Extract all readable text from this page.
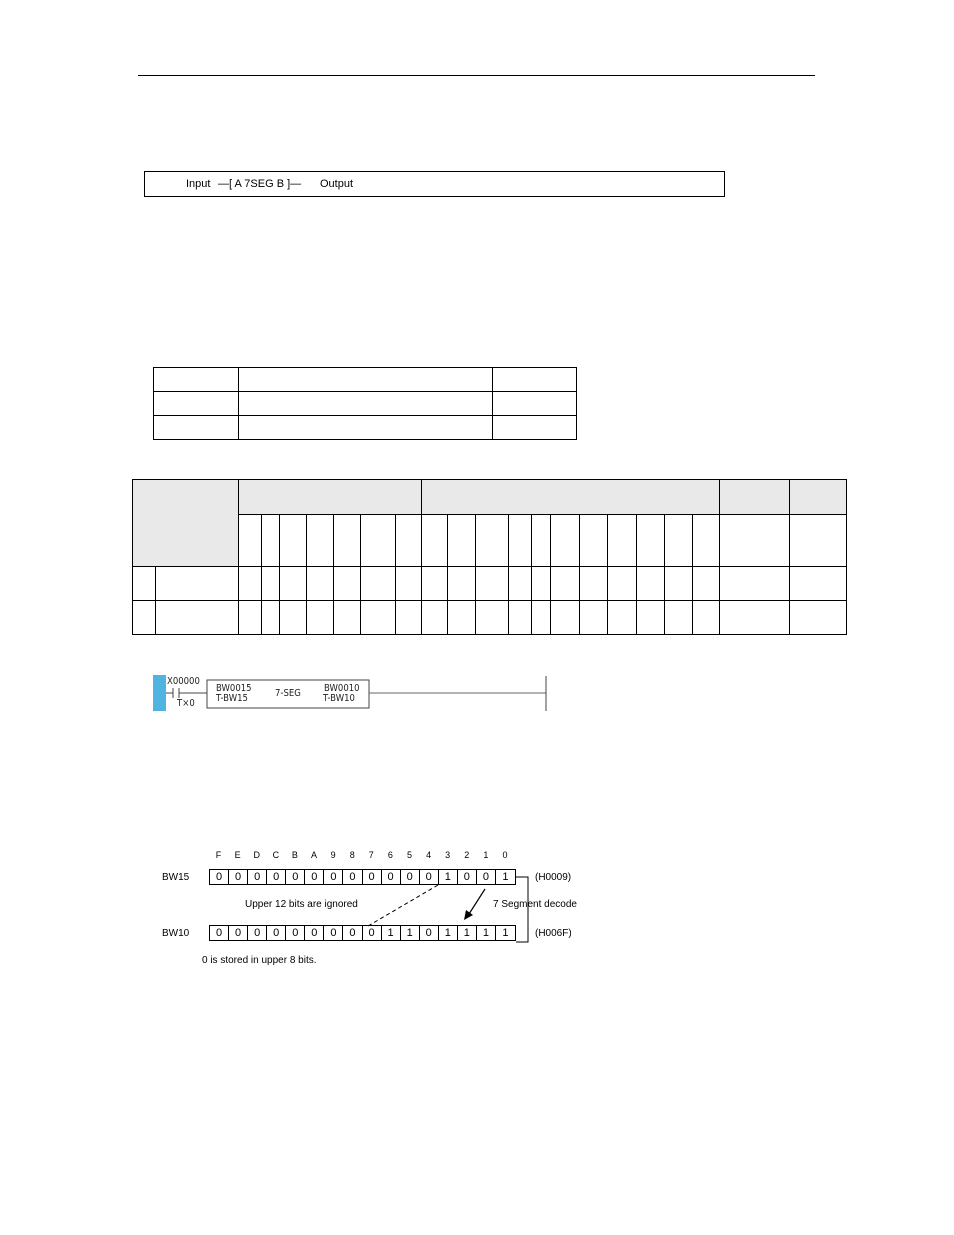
Input —[ A 7SEG B ]— Output

X00000
T×0
BW0015
T-BW15	7-SEG BW0010
T-BW10
F	E	D	C	B	A	9	8	7	6	5	4	3	2	1	0
BW15	0	0	0	0	0	0	0	0	0	0	0	0	1	0	0	1	(H0009)
Upper 12 bits are ignored	7 Segment decode
BW10	0	0	0	0	0	0	0	0	0	1	1	0	1	1	1	1	(H006F)
0 is stored in upper 8 bits.
